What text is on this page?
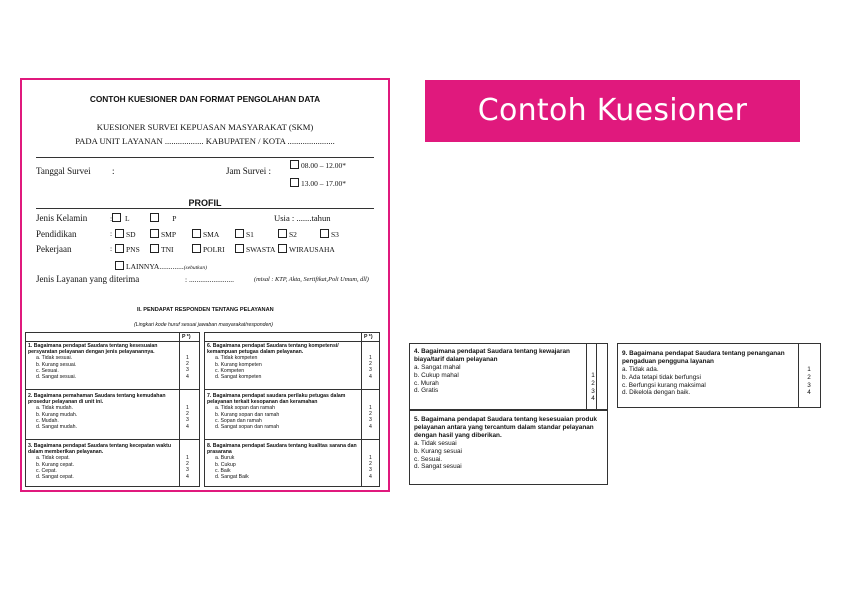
Contoh Kuesioner
CONTOH KUESIONER DAN FORMAT PENGOLAHAN DATA
KUESIONER SURVEI KEPUASAN MASYARAKAT (SKM)
PADA UNIT LAYANAN .................. KABUPATEN / KOTA ......................
Tanggal Survei :	Jam Survei :
08.00 – 12.00*
13.00 – 17.00*
PROFIL
Jenis Kelamin	: L	P	Usia : .......tahun
Pendidikan	:	SD	SMP	SMA	S1	S2	S3
Pekerjaan	:	PNS	TNI	POLRI	SWASTA	WIRAUSAHA
LAINNYA.............(sebutkan)
Jenis Layanan yang diterima	: ........................	(misal : KTP, Akta, Sertifikat,Poli Umum, dll)
II. PENDAPAT RESPONDEN TENTANG PELAYANAN
(Lingkari kode huruf sesuai jawaban masyarakat/responden)
P *)
1. Bagaimana pendapat Saudara tentang kesesuaian persyaratan pelayanan dengan jenis pelayanannya.
a. Tidak sesuai.
b. Kurang sesuai.
c. Sesuai.
d. Sangat sesuai.
1
2
3
4
2. Bagaimana pemahaman Saudara tentang kemudahan prosedur pelayanan di unit ini.
a. Tidak mudah.
b. Kurang mudah.
c. Mudah.
d. Sangat mudah.
1
2
3
4
3. Bagaimana pendapat Saudara tentang kecepatan waktu dalam memberikan pelayanan.
a. Tidak cepat.
b. Kurang cepat.
c. Cepat.
d. Sangat cepat.
1
2
3
4
P *)
6. Bagaimana pendapat Saudara tentang kompetensi/ kemampuan petugas dalam pelayanan.
a. Tidak kompeten
b. Kurang kompeten
c. Kompeten
d. Sangat kompeten
1
2
3
4
7. Bagaimana pendapat saudara perilaku petugas dalam pelayanan terkait kesopanan dan keramahan
a. Tidak sopan dan ramah
b. Kurang sopan dan ramah
c. Sopan dan ramah
d. Sangat sopan dan ramah
1
2
3
4
8. Bagaimana pendapat Saudara tentang kualitas sarana dan prasarana
a. Buruk
b. Cukup
c. Baik
d. Sangat Baik
1
2
3
4
4. Bagaimana pendapat Saudara tentang kewajaran biaya/tarif dalam pelayanan
a. Sangat mahal
b. Cukup mahal
c. Murah
d. Gratis
1
2
3
4
5. Bagaimana pendapat Saudara tentang kesesuaian produk pelayanan antara yang tercantum dalam standar pelayanan dengan hasil yang diberikan.
a. Tidak sesuai
b. Kurang sesuai
c. Sesuai.
d. Sangat sesuai
9. Bagaimana pendapat Saudara tentang penanganan pengaduan pengguna layanan
a. Tidak ada.
b. Ada tetapi tidak berfungsi
c. Berfungsi kurang maksimal
d. Dikelola dengan baik.
1
2
3
4
